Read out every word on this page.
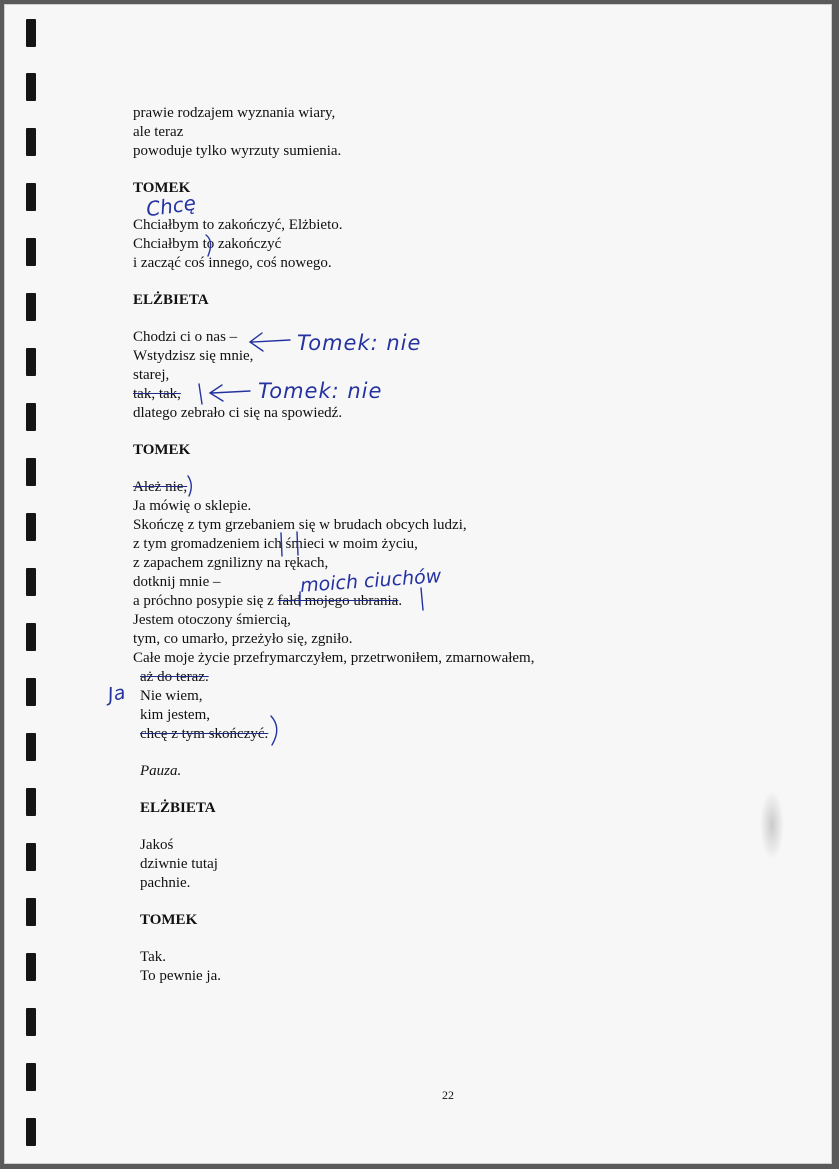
prawie rodzajem wyznania wiary,
ale teraz
powoduje tylko wyrzuty sumienia.
TOMEK
Chciałbym to zakończyć, Elżbieto.
Chciałbym to zakończyć
i zacząć coś innego, coś nowego.
ELŻBIETA
Chodzi ci o nas –
Wstydzisz się mnie,
starej,
tak, tak,
dlatego zebrało ci się na spowiedź.
TOMEK
Ależ nie,
Ja mówię o sklepie.
Skończę z tym grzebaniem się w brudach obcych ludzi,
z tym gromadzeniem ich śmieci w moim życiu,
z zapachem zgnilizny na rękach,
dotknij mnie –
a próchno posypie się z fałd mojego ubrania.
Jestem otoczony śmiercią,
tym, co umarło, przeżyło się, zgniło.
Całe moje życie przefrymarczyłem, przetrwoniłem, zmarnowałem,
aż do teraz.
Nie wiem,
kim jestem,
chcę z tym skończyć.
Pauza.
ELŻBIETA
Jakoś
dziwnie tutaj
pachnie.
TOMEK
Tak.
To pewnie ja.
22
Chcę
Tomek: nie
Tomek: nie
moich ciuchów
Ja
